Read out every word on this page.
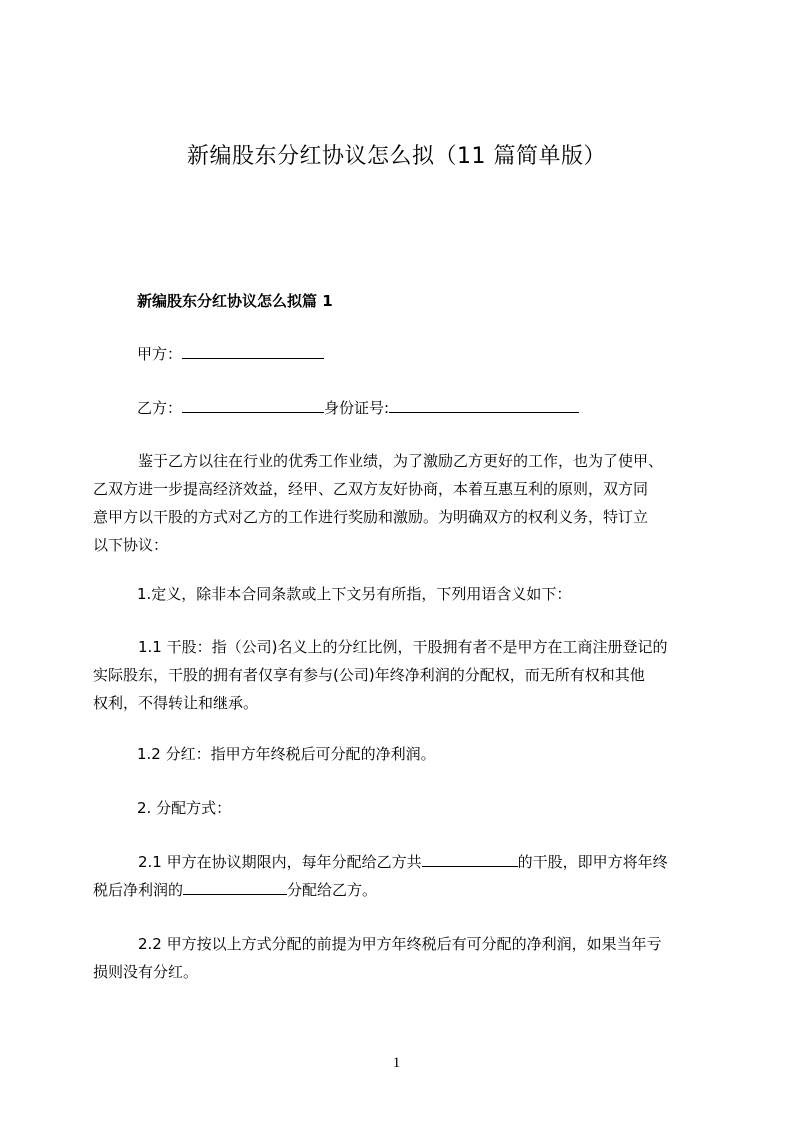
新编股东分红协议怎么拟（11 篇简单版）
新编股东分红协议怎么拟篇 1
甲方：
乙方：	身份证号:

鉴于乙方以往在行业的优秀工作业绩，为了激励乙方更好的工作，也为了使甲、

乙双方进一步提高经济效益，经甲、乙双方友好协商，本着互惠互利的原则，双方同

意甲方以干股的方式对乙方的工作进行奖励和激励。为明确双方的权利义务，特订立

以下协议：

1.定义，除非本合同条款或上下文另有所指，下列用语含义如下：

1.1 干股：指（公司)名义上的分红比例，干股拥有者不是甲方在工商注册登记的

实际股东，干股的拥有者仅享有参与(公司)年终净利润的分配权，而无所有权和其他

权利，不得转让和继承。

1.2 分红：指甲方年终税后可分配的净利润。
2. 分配方式：

2.1 甲方在协议期限内，每年分配给乙方共	的干股，即甲方将年终

税后净利润的	分配给乙方。

2.2 甲方按以上方式分配的前提为甲方年终税后有可分配的净利润，如果当年亏

损则没有分红。

1
